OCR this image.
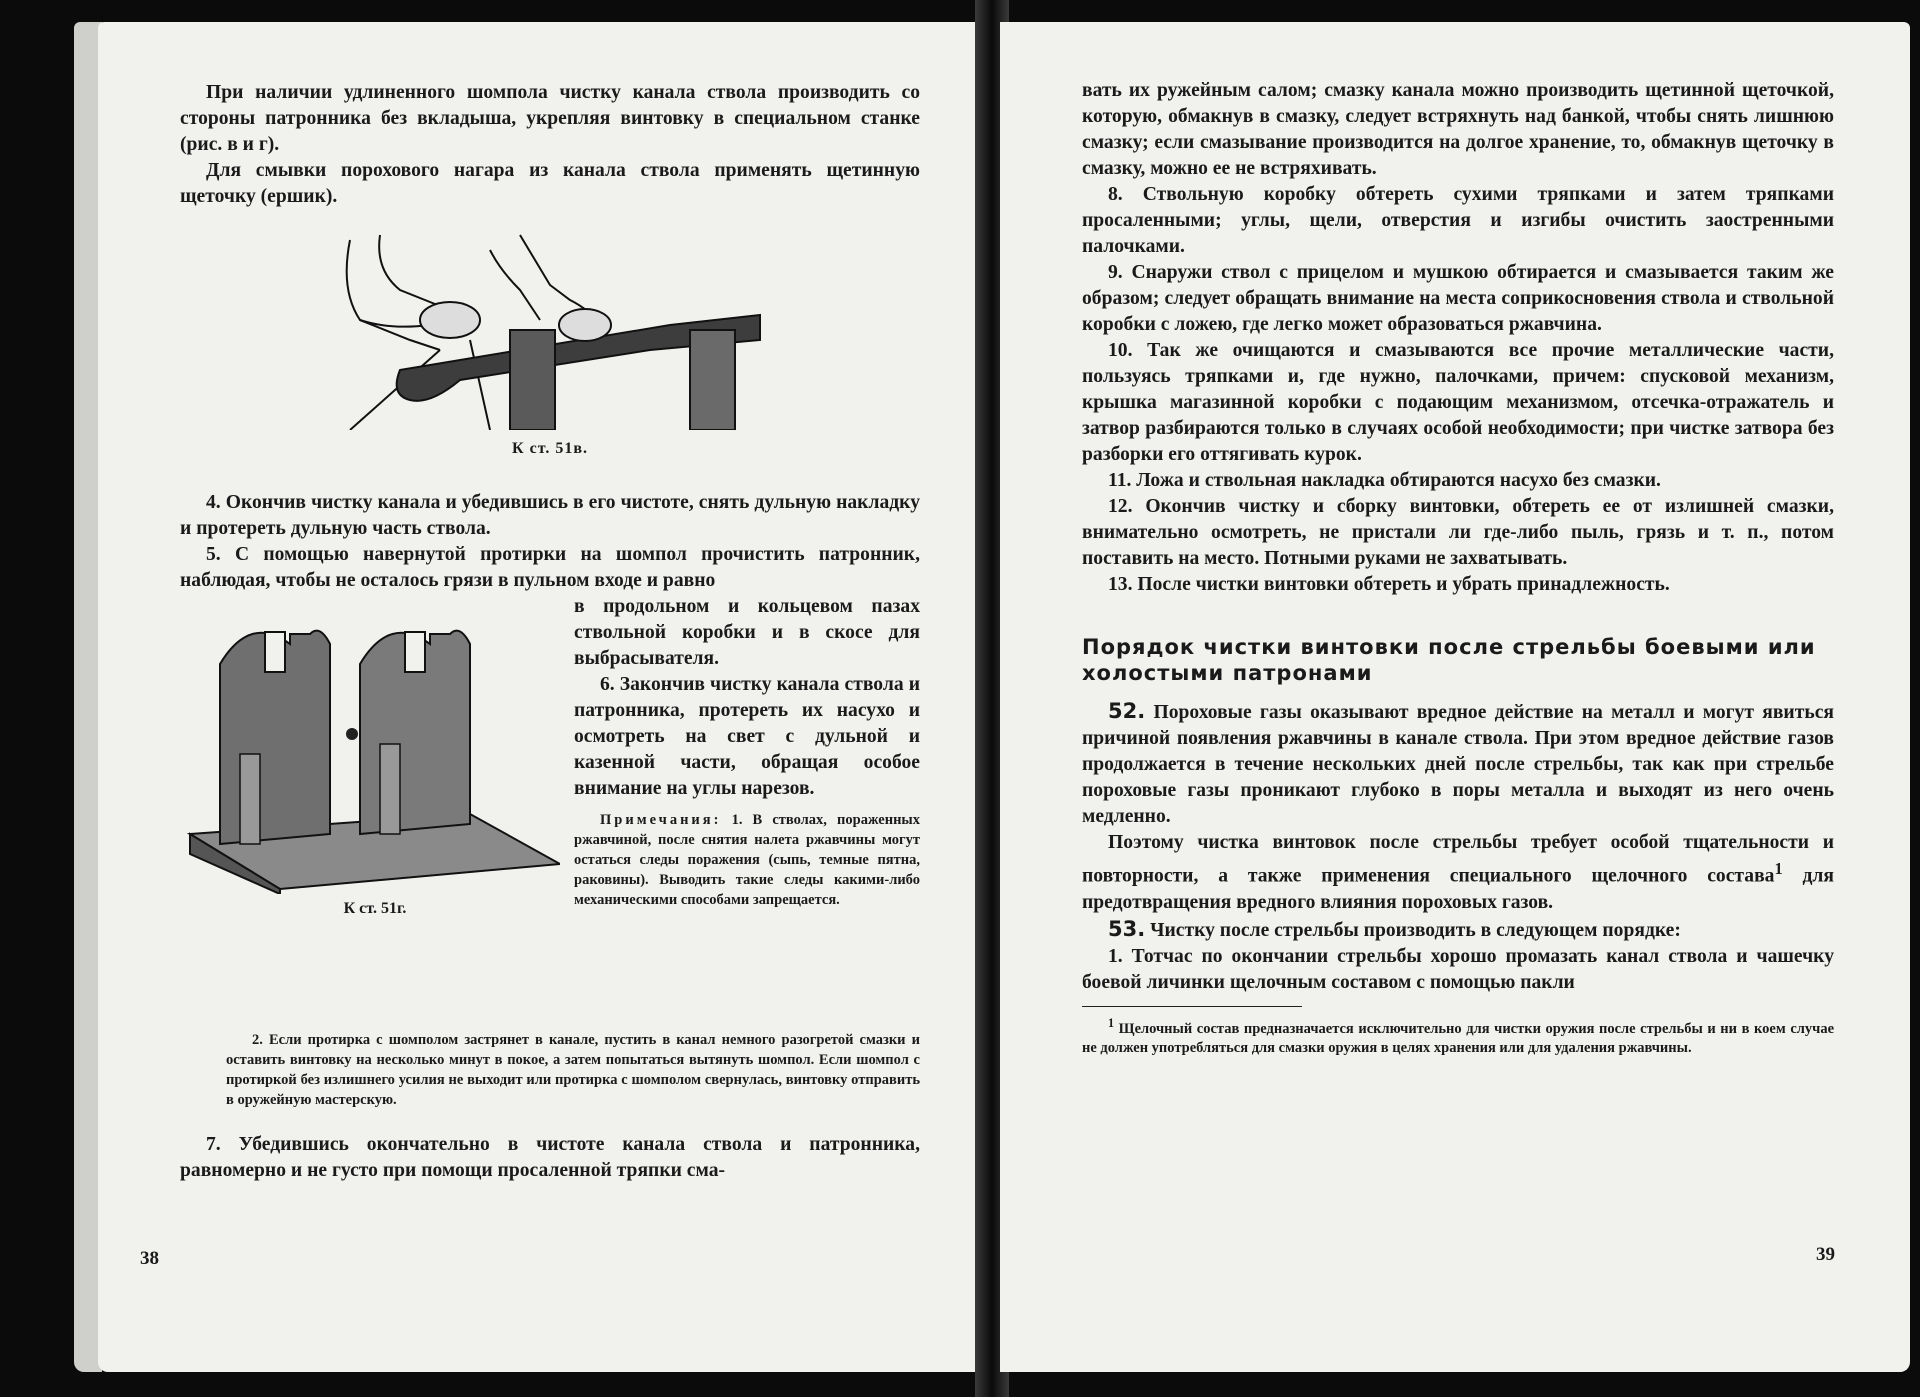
При наличии удлиненного шомпола чистку канала ствола производить со стороны патронника без вкладыша, укрепляя винтовку в специальном станке (рис. в и г).

Для смывки порохового нагара из канала ствола применять щетинную щеточку (ершик).

К ст. 51в.

4. Окончив чистку канала и убедившись в его чистоте, снять дульную накладку и протереть дульную часть ствола.

5. С помощью навернутой протирки на шомпол прочистить патронник, наблюдая, чтобы не осталось грязи в пульном входе и равно

К ст. 51г.

в продольном и кольцевом пазах ствольной коробки и в скосе для выбрасывателя.

6. Закончив чистку канала ствола и патронника, протереть их насухо и осмотреть на свет с дульной и казенной части, обращая особое внимание на углы нарезов.

Примечания: 1. В стволах, пораженных ржавчиной, после снятия налета ржавчины могут остаться следы поражения (сыпь, темные пятна, раковины). Выводить такие следы какими-либо механическими способами запрещается.

2. Если протирка с шомполом застрянет в канале, пустить в канал немного разогретой смазки и оставить винтовку на несколько минут в покое, а затем попытаться вытянуть шомпол. Если шомпол с протиркой без излишнего усилия не выходит или протирка с шомполом свернулась, винтовку отправить в оружейную мастерскую.

7. Убедившись окончательно в чистоте канала ствола и патронника, равномерно и не густо при помощи просаленной тряпки сма-

38

вать их ружейным салом; смазку канала можно производить щетинной щеточкой, которую, обмакнув в смазку, следует встряхнуть над банкой, чтобы снять лишнюю смазку; если смазывание производится на долгое хранение, то, обмакнув щеточку в смазку, можно ее не встряхивать.

8. Ствольную коробку обтереть сухими тряпками и затем тряпками просаленными; углы, щели, отверстия и изгибы очистить заостренными палочками.

9. Снаружи ствол с прицелом и мушкою обтирается и смазывается таким же образом; следует обращать внимание на места соприкосновения ствола и ствольной коробки с ложею, где легко может образоваться ржавчина.

10. Так же очищаются и смазываются все прочие металлические части, пользуясь тряпками и, где нужно, палочками, причем: спусковой механизм, крышка магазинной коробки с подающим механизмом, отсечка-отражатель и затвор разбираются только в случаях особой необходимости; при чистке затвора без разборки его оттягивать курок.

11. Ложа и ствольная накладка обтираются насухо без смазки.

12. Окончив чистку и сборку винтовки, обтереть ее от излишней смазки, внимательно осмотреть, не пристали ли где-либо пыль, грязь и т. п., потом поставить на место. Потными руками не захватывать.

13. После чистки винтовки обтереть и убрать принадлежность.

Порядок чистки винтовки после стрельбы боевыми или холостыми патронами

52. Пороховые газы оказывают вредное действие на металл и могут явиться причиной появления ржавчины в канале ствола. При этом вредное действие газов продолжается в течение нескольких дней после стрельбы, так как при стрельбе пороховые газы проникают глубоко в поры металла и выходят из него очень медленно.

Поэтому чистка винтовок после стрельбы требует особой тщательности и повторности, а также применения специального щелочного состава$^1$ для предотвращения вредного влияния пороховых газов.

53. Чистку после стрельбы производить в следующем порядке:

1. Тотчас по окончании стрельбы хорошо промазать канал ствола и чашечку боевой личинки щелочным составом с помощью пакли

$^1$ Щелочный состав предназначается исключительно для чистки оружия после стрельбы и ни в коем случае не должен употребляться для смазки оружия в целях хранения или для удаления ржавчины.

39
